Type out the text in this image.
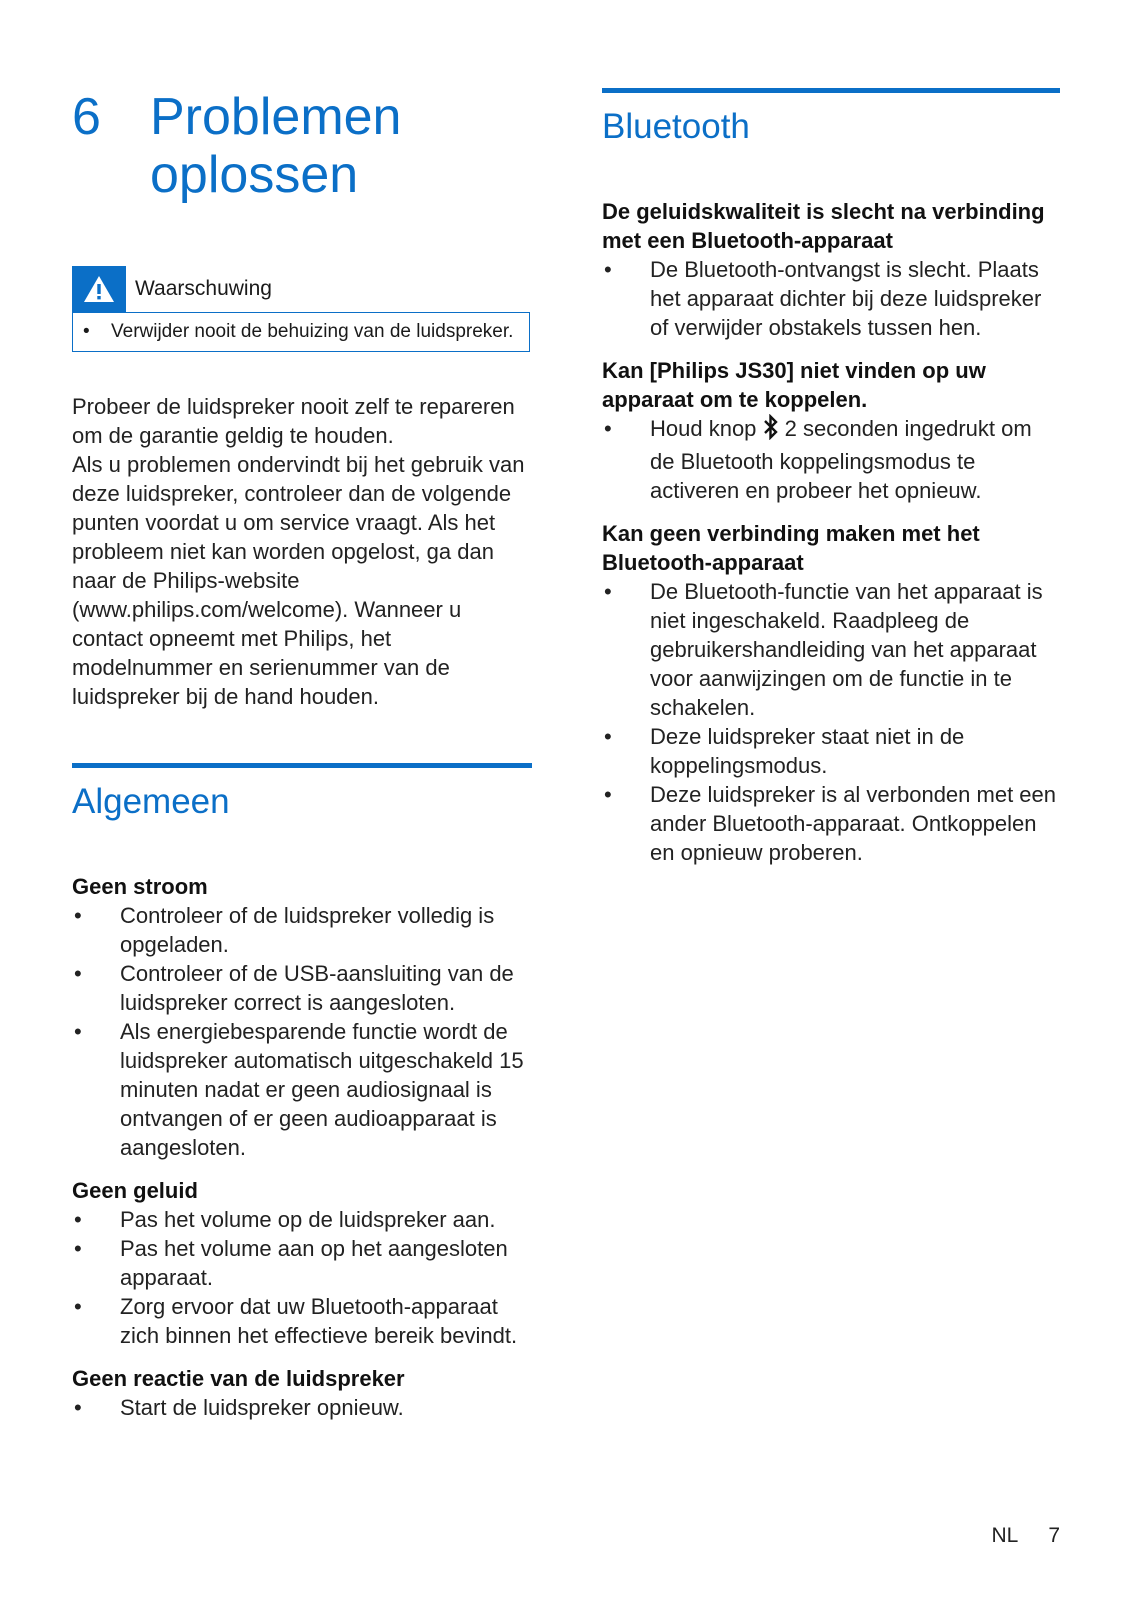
6 Problemen oplossen
Waarschuwing
•	Verwijder nooit de behuizing van de luidspreker.
Probeer de luidspreker nooit zelf te repareren om de garantie geldig te houden.
Als u problemen ondervindt bij het gebruik van deze luidspreker, controleer dan de volgende punten voordat u om service vraagt. Als het probleem niet kan worden opgelost, ga dan naar de Philips-website (www.philips.com/welcome). Wanneer u contact opneemt met Philips, het modelnummer en serienummer van de luidspreker bij de hand houden.
Algemeen
Geen stroom
•	Controleer of de luidspreker volledig is opgeladen.
•	Controleer of de USB-aansluiting van de luidspreker correct is aangesloten.
•	Als energiebesparende functie wordt de luidspreker automatisch uitgeschakeld 15 minuten nadat er geen audiosignaal is ontvangen of er geen audioapparaat is aangesloten.
Geen geluid
•	Pas het volume op de luidspreker aan.
•	Pas het volume aan op het aangesloten apparaat.
•	Zorg ervoor dat uw Bluetooth-apparaat zich binnen het effectieve bereik bevindt.
Geen reactie van de luidspreker
•	Start de luidspreker opnieuw.
Bluetooth
De geluidskwaliteit is slecht na verbinding met een Bluetooth-apparaat
•	De Bluetooth-ontvangst is slecht. Plaats het apparaat dichter bij deze luidspreker of verwijder obstakels tussen hen.
Kan [Philips JS30] niet vinden op uw apparaat om te koppelen.
•	Houd knop  2 seconden ingedrukt om de Bluetooth koppelingsmodus te activeren en probeer het opnieuw.
Kan geen verbinding maken met het Bluetooth-apparaat
•	De Bluetooth-functie van het apparaat is niet ingeschakeld. Raadpleeg de gebruikershandleiding van het apparaat voor aanwijzingen om de functie in te schakelen.
•	Deze luidspreker staat niet in de koppelingsmodus.
•	Deze luidspreker is al verbonden met een ander Bluetooth-apparaat. Ontkoppelen en opnieuw proberen.
NL 7
